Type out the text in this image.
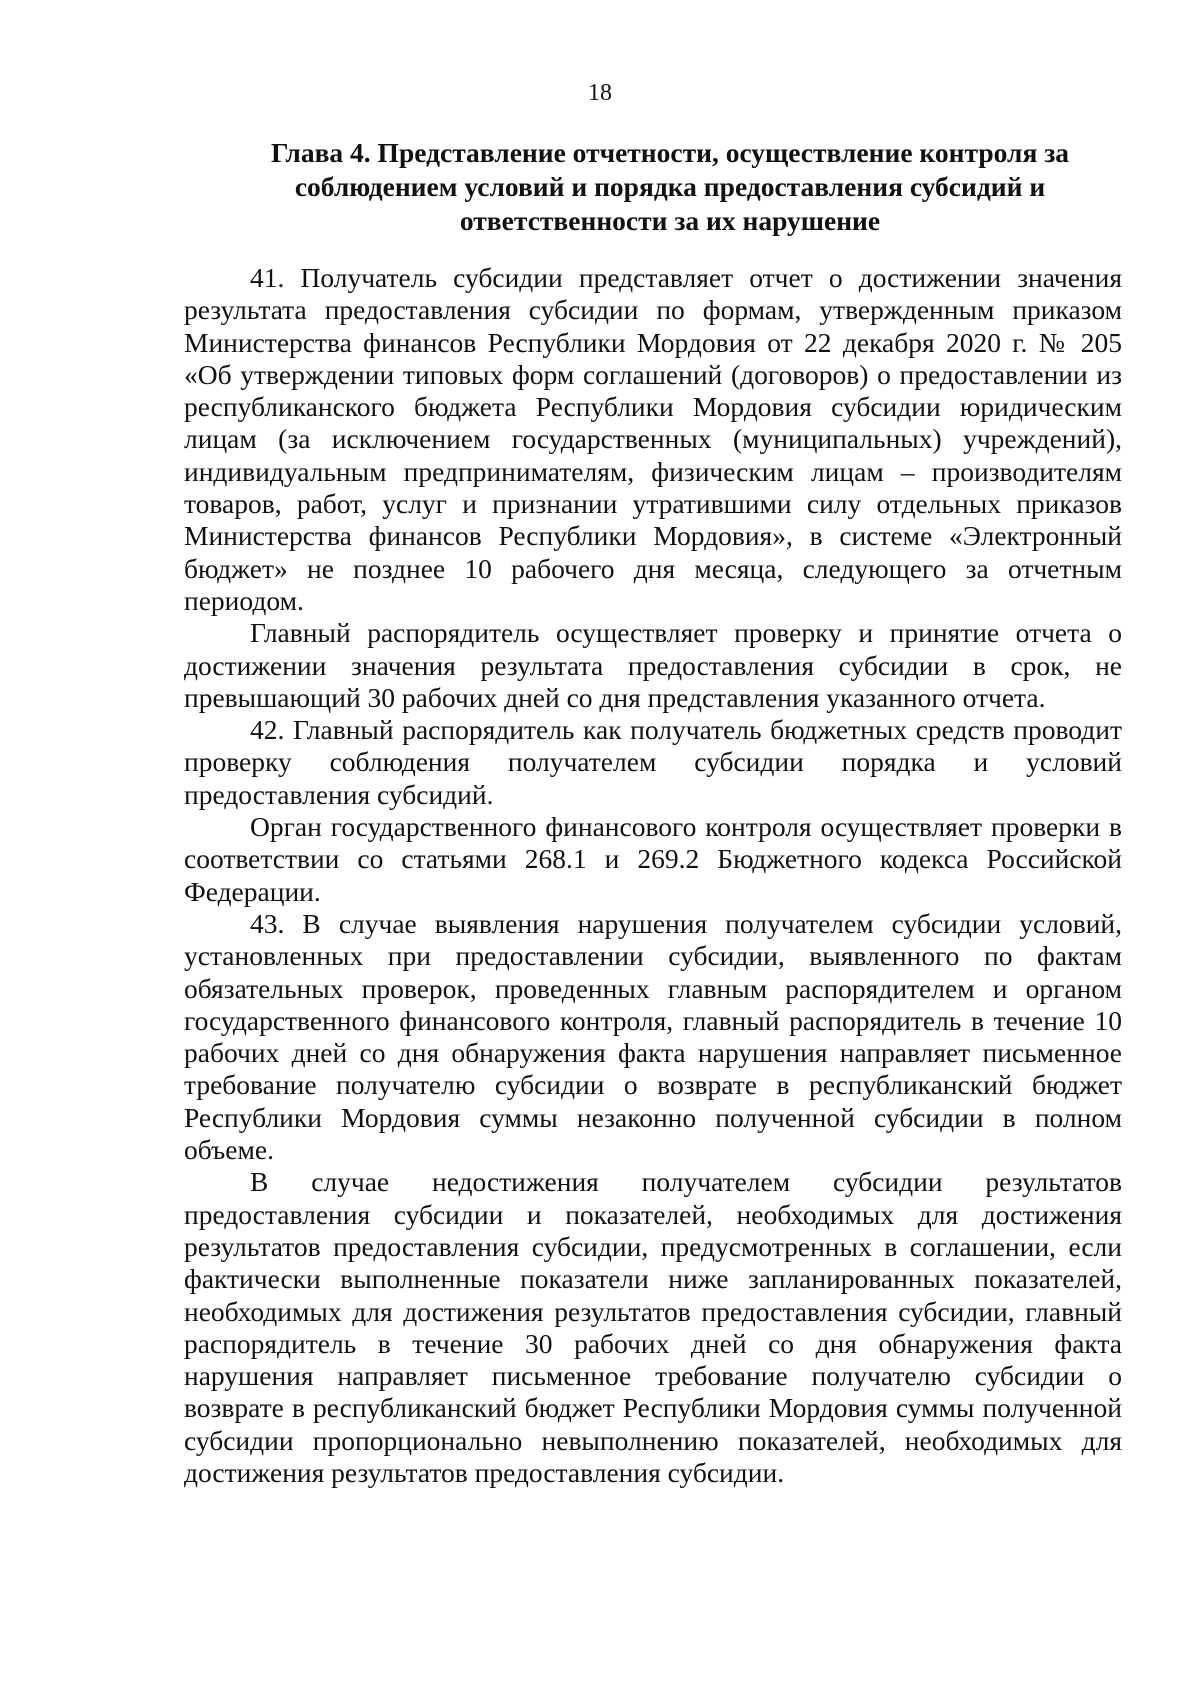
18
Глава 4. Представление отчетности, осуществление контроля за
соблюдением условий и порядка предоставления субсидий и
ответственности за их нарушение

41. Получатель субсидии представляет отчет о достижении значения результата предоставления субсидии по формам, утвержденным приказом Министерства финансов Республики Мордовия от 22 декабря 2020 г. № 205 «Об утверждении типовых форм соглашений (договоров) о предоставлении из республиканского бюджета Республики Мордовия субсидии юридическим лицам (за исключением государственных (муниципальных) учреждений), индивидуальным предпринимателям, физическим лицам – производителям товаров, работ, услуг и признании утратившими силу отдельных приказов Министерства финансов Республики Мордовия», в системе «Электронный бюджет» не позднее 10 рабочего дня месяца, следующего за отчетным периодом.

Главный распорядитель осуществляет проверку и принятие отчета о достижении значения результата предоставления субсидии в срок, не превышающий 30 рабочих дней со дня представления указанного отчета.

42. Главный распорядитель как получатель бюджетных средств проводит проверку соблюдения получателем субсидии порядка и условий предоставления субсидий.

Орган государственного финансового контроля осуществляет проверки в соответствии со статьями 268.1 и 269.2 Бюджетного кодекса Российской Федерации.

43. В случае выявления нарушения получателем субсидии условий, установленных при предоставлении субсидии, выявленного по фактам обязательных проверок, проведенных главным распорядителем и органом государственного финансового контроля, главный распорядитель в течение 10 рабочих дней со дня обнаружения факта нарушения направляет письменное требование получателю субсидии о возврате в республиканский бюджет Республики Мордовия суммы незаконно полученной субсидии в полном объеме.

В случае недостижения получателем субсидии результатов предоставления субсидии и показателей, необходимых для достижения результатов предоставления субсидии, предусмотренных в соглашении, если фактически выполненные показатели ниже запланированных показателей, необходимых для достижения результатов предоставления субсидии, главный распорядитель в течение 30 рабочих дней со дня обнаружения факта нарушения направляет письменное требование получателю субсидии о возврате в республиканский бюджет Республики Мордовия суммы полученной субсидии пропорционально невыполнению показателей, необходимых для достижения результатов предоставления субсидии.
